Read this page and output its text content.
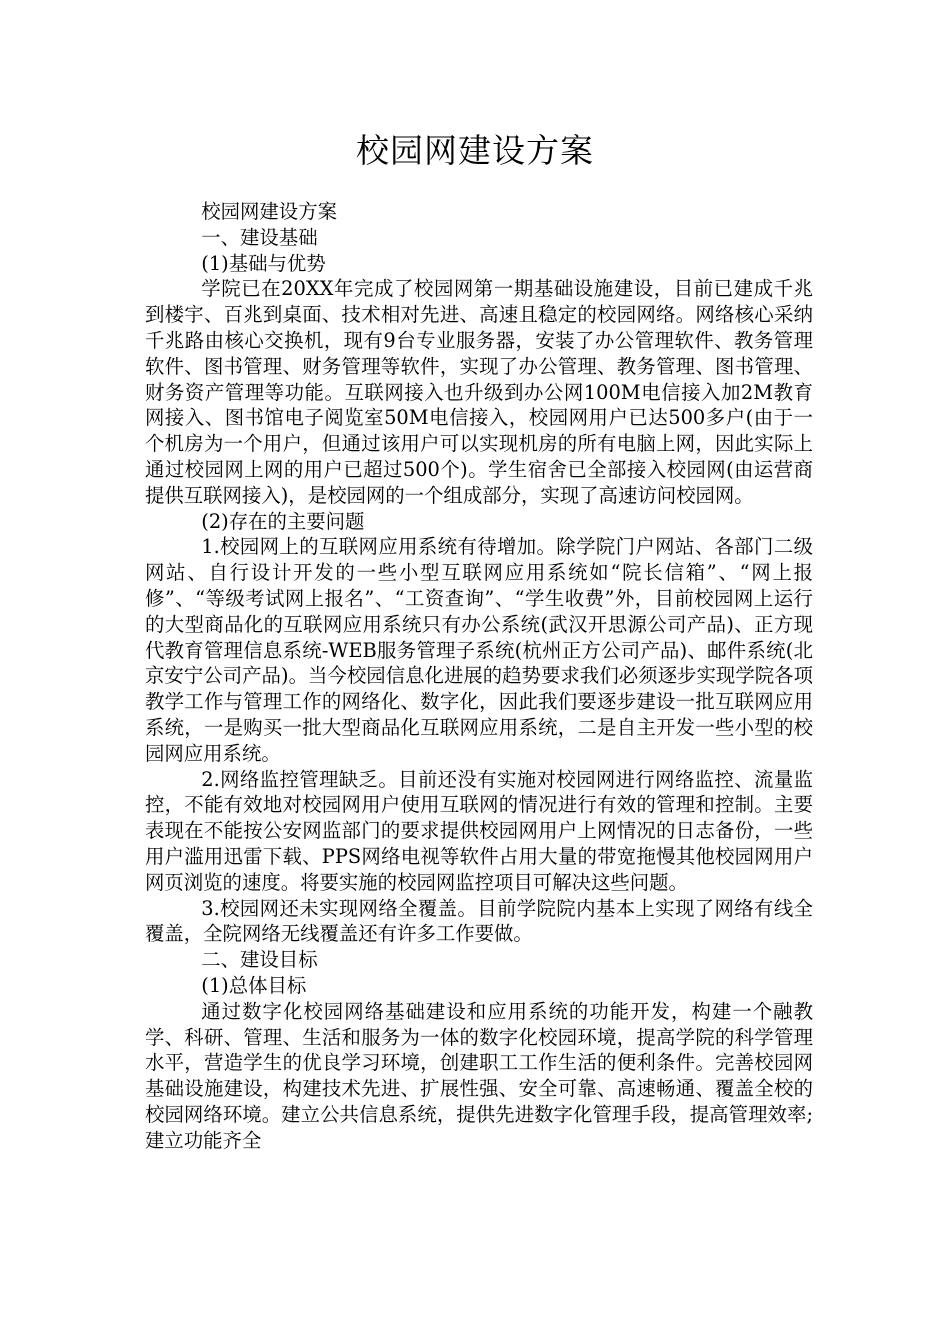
校园网建设方案

校园网建设方案

一、建设基础

(1)基础与优势

学院已在20XX年完成了校园网第一期基础设施建设，目前已建成千兆到楼宇、百兆到桌面、技术相对先进、高速且稳定的校园网络。网络核心采纳千兆路由核心交换机，现有9台专业服务器，安装了办公管理软件、教务管理软件、图书管理、财务管理等软件，实现了办公管理、教务管理、图书管理、财务资产管理等功能。互联网接入也升级到办公网100M电信接入加2M教育网接入、图书馆电子阅览室50M电信接入，校园网用户已达500多户(由于一个机房为一个用户，但通过该用户可以实现机房的所有电脑上网，因此实际上通过校园网上网的用户已超过500个)。学生宿舍已全部接入校园网(由运营商提供互联网接入)，是校园网的一个组成部分，实现了高速访问校园网。

(2)存在的主要问题

1.校园网上的互联网应用系统有待增加。除学院门户网站、各部门二级网站、自行设计开发的一些小型互联网应用系统如“院长信箱”、“网上报修”、“等级考试网上报名”、“工资查询”、“学生收费”外，目前校园网上运行的大型商品化的互联网应用系统只有办公系统(武汉开思源公司产品)、正方现代教育管理信息系统-WEB服务管理子系统(杭州正方公司产品)、邮件系统(北京安宁公司产品)。当今校园信息化进展的趋势要求我们必须逐步实现学院各项教学工作与管理工作的网络化、数字化，因此我们要逐步建设一批互联网应用系统，一是购买一批大型商品化互联网应用系统，二是自主开发一些小型的校园网应用系统。

2.网络监控管理缺乏。目前还没有实施对校园网进行网络监控、流量监控，不能有效地对校园网用户使用互联网的情况进行有效的管理和控制。主要表现在不能按公安网监部门的要求提供校园网用户上网情况的日志备份，一些用户滥用迅雷下载、PPS网络电视等软件占用大量的带宽拖慢其他校园网用户网页浏览的速度。将要实施的校园网监控项目可解决这些问题。

3.校园网还未实现网络全覆盖。目前学院院内基本上实现了网络有线全覆盖，全院网络无线覆盖还有许多工作要做。

二、建设目标

(1)总体目标

通过数字化校园网络基础建设和应用系统的功能开发，构建一个融教学、科研、管理、生活和服务为一体的数字化校园环境，提高学院的科学管理水平，营造学生的优良学习环境，创建职工工作生活的便利条件。完善校园网基础设施建设，构建技术先进、扩展性强、安全可靠、高速畅通、覆盖全校的校园网络环境。建立公共信息系统，提供先进数字化管理手段，提高管理效率;建立功能齐全
